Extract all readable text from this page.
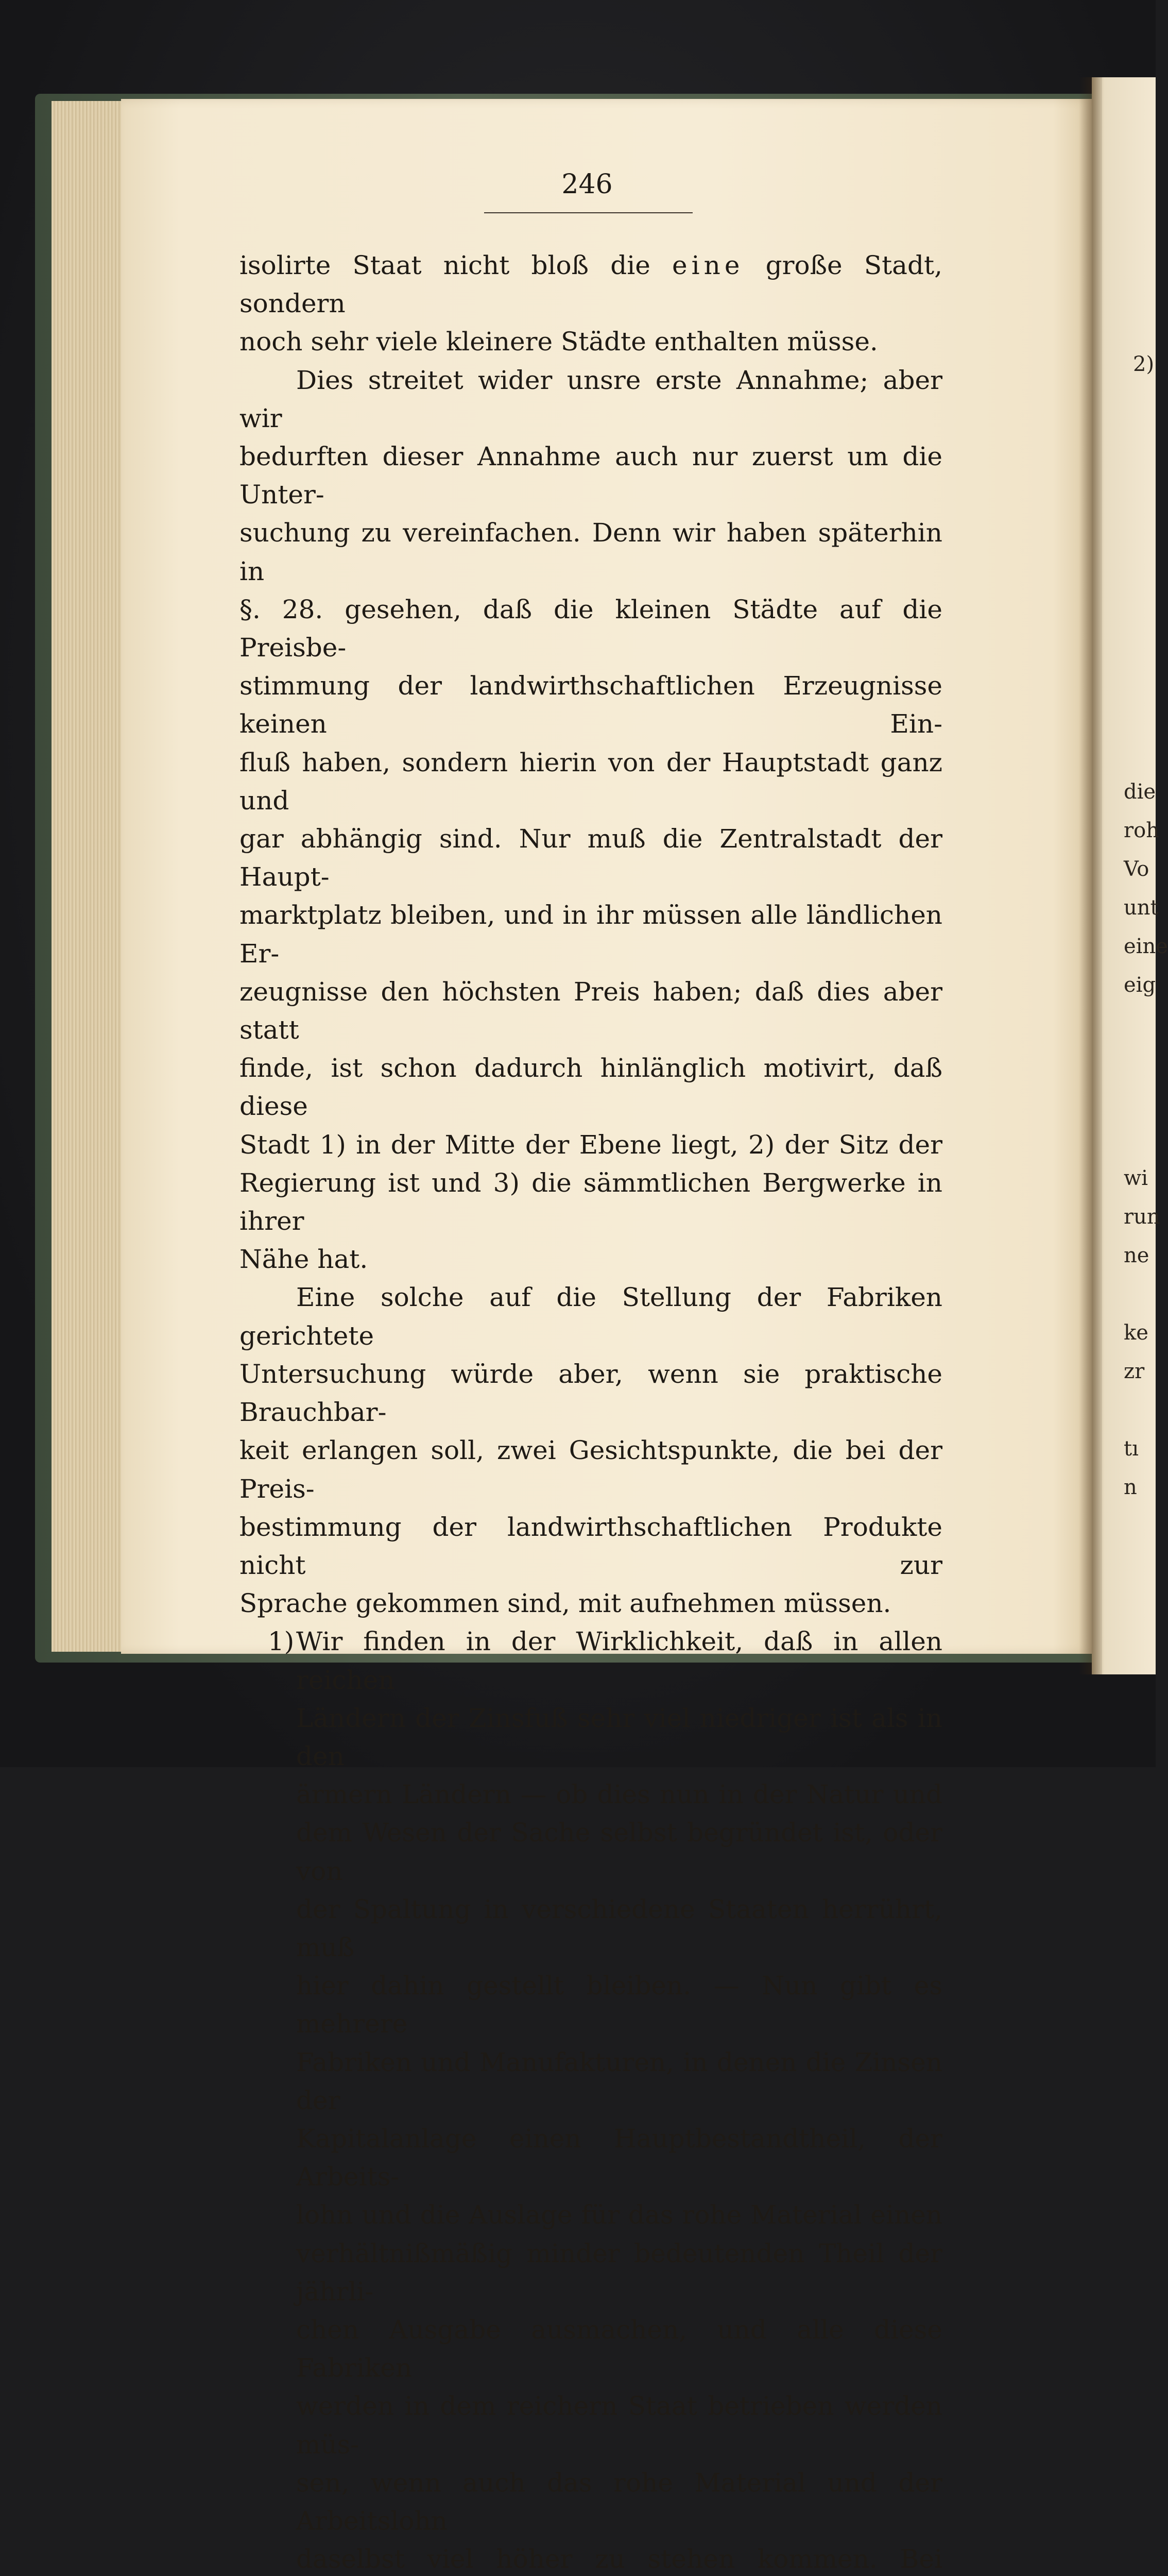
246

isolirte Staat nicht bloß die eine große Stadt, sondern

noch sehr viele kleinere Städte enthalten müsse.

Dies streitet wider unsre erste Annahme; aber wir

bedurften dieser Annahme auch nur zuerst um die Unter-

suchung zu vereinfachen. Denn wir haben späterhin in

§. 28. gesehen, daß die kleinen Städte auf die Preisbe-

stimmung der landwirthschaftlichen Erzeugnisse keinen Ein-

fluß haben, sondern hierin von der Hauptstadt ganz und

gar abhängig sind. Nur muß die Zentralstadt der Haupt-

marktplatz bleiben, und in ihr müssen alle ländlichen Er-

zeugnisse den höchsten Preis haben; daß dies aber statt

finde, ist schon dadurch hinlänglich motivirt, daß diese

Stadt 1) in der Mitte der Ebene liegt, 2) der Sitz der

Regierung ist und 3) die sämmtlichen Bergwerke in ihrer

Nähe hat.

Eine solche auf die Stellung der Fabriken gerichtete

Untersuchung würde aber, wenn sie praktische Brauchbar-

keit erlangen soll, zwei Gesichtspunkte, die bei der Preis-

bestimmung der landwirthschaftlichen Produkte nicht zur

Sprache gekommen sind, mit aufnehmen müssen.

1)Wir finden in der Wirklichkeit, daß in allen reichen

Ländern der Zinsfuß sehr viel niedriger ist als in den

ärmern Ländern — ob dies nun in der Natur und

dem Wesen der Sache selbst begründet ist, oder von

der Spaltung in verschiedene Staaten herrührt, muß

hier dahin gestellt bleiben. — Nun gibt es mehrere

Fabriken und Manufakturen, in denen die Zinsen der

Kapitalanlage einen Hauptbestandtheil, der Arbeits-

lohn und die Auslage für das rohe Material einen

verhältnißmäßig minder bedeutenden Theil der jährli-

chen Ausgabe ausmachen, und alle diese Fabriken

werden in dem reichern Staat betrieben werden müs-

sen, wenn auch das rohe Material und der Arbeitslohn

daselbst viel höher zu stehen kommen. Bei

2)
die
roh
Vo
unt
eine
eig
wi
run
ne
ke
zr
tı
n
